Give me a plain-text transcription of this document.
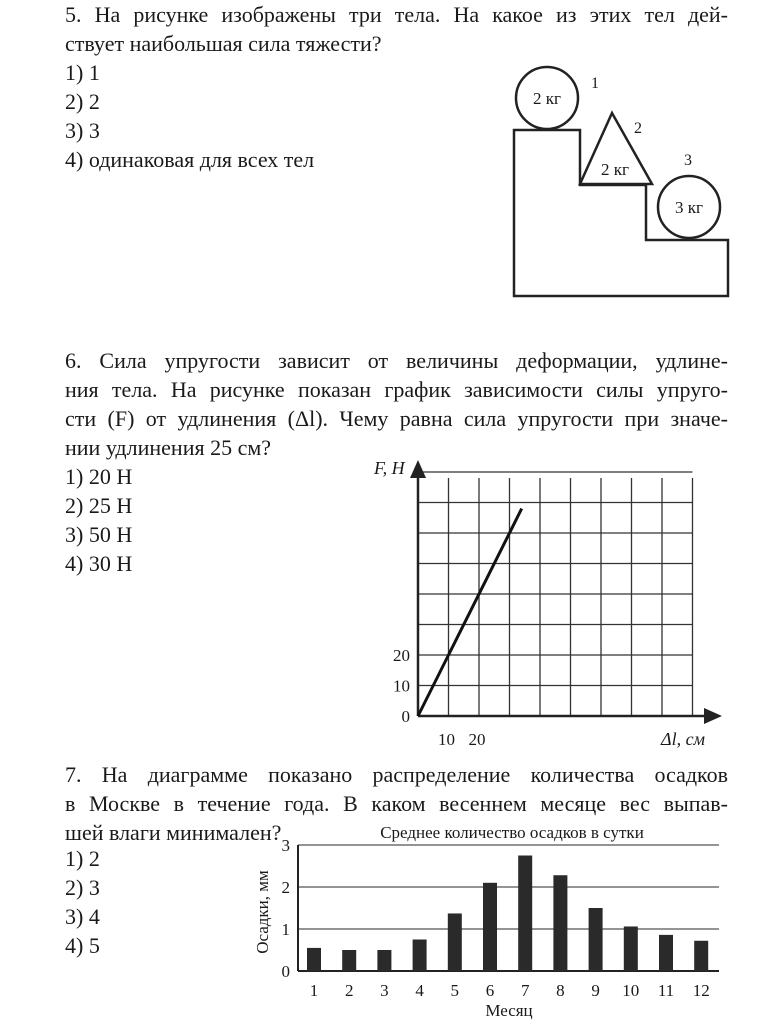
5. На рисунке изображены три тела. На какое из этих тел дей-
ствует наибольшая сила тяжести?
1) 1
2) 2
3) 3
4) одинаковая для всех тел
2 кг
1
2 кг
2
3 кг
3
6. Сила упругости зависит от величины деформации, удлине-
ния тела. На рисунке показан график зависимости силы упруго-
сти (F) от удлинения (Δl). Чему равна сила упругости при значе-
нии удлинения 25 см?
1) 20 Н
2) 25 Н
3) 50 Н
4) 30 Н
0
10
20
10 20
F, Н
Δl, см
7. На диаграмме показано распределение количества осадков
в Москве в течение года. В каком весеннем месяце вес выпав-
шей влаги минимален?
1) 2
2) 3
3) 4
4) 5
Среднее количество осадков в сутки
0
1
2
3
1 2 3 4 5 6 7 8 9 10 11 12
Осадки, мм
Месяц
